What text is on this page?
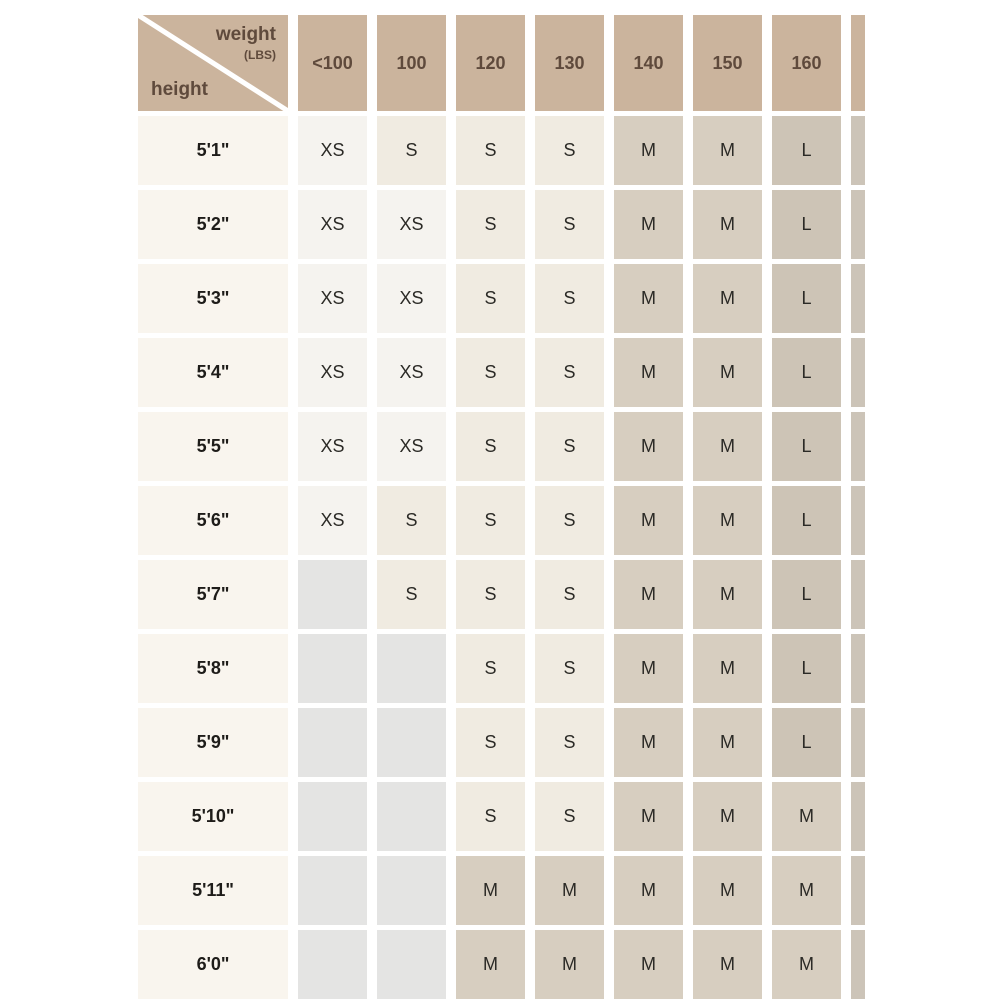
weight
(LBS)
height	<100	100	120	130	140	150	160	
5'1"	XS	S	S	S	M	M	L	
5'2"	XS	XS	S	S	M	M	L	
5'3"	XS	XS	S	S	M	M	L	
5'4"	XS	XS	S	S	M	M	L	
5'5"	XS	XS	S	S	M	M	L	
5'6"	XS	S	S	S	M	M	L	
5'7"		S	S	S	M	M	L	
5'8"			S	S	M	M	L	
5'9"			S	S	M	M	L	
5'10"			S	S	M	M	M	
5'11"			M	M	M	M	M	
6'0"			M	M	M	M	M	
